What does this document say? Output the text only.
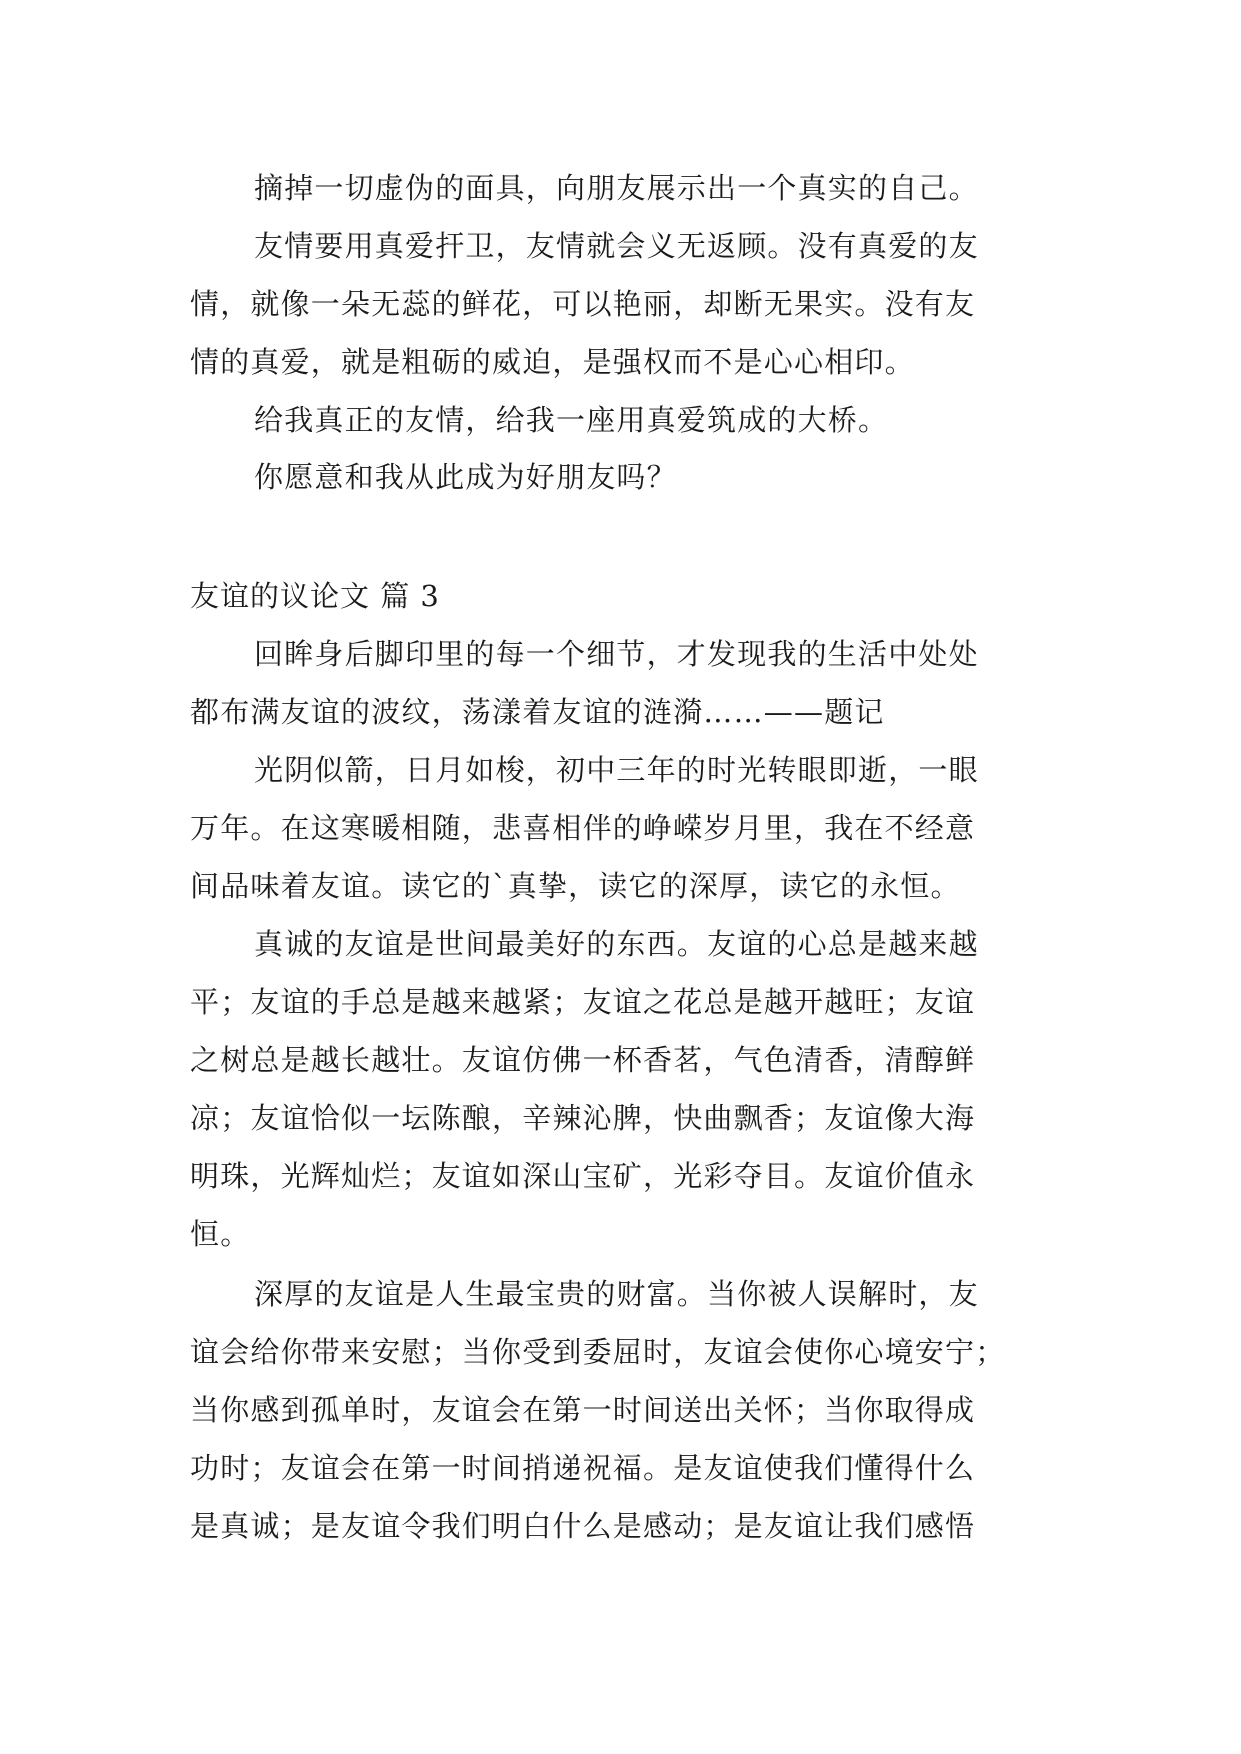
摘掉一切虚伪的面具，向朋友展示出一个真实的自己。

友情要用真爱扞卫，友情就会义无返顾。没有真爱的友

情，就像一朵无蕊的鲜花，可以艳丽，却断无果实。没有友

情的真爱，就是粗砺的威迫，是强权而不是心心相印。

给我真正的友情，给我一座用真爱筑成的大桥。

你愿意和我从此成为好朋友吗？

友谊的议论文 篇 3

回眸身后脚印里的每一个细节，才发现我的生活中处处

都布满友谊的波纹，荡漾着友谊的涟漪……——题记

光阴似箭，日月如梭，初中三年的时光转眼即逝，一眼

万年。在这寒暖相随，悲喜相伴的峥嵘岁月里，我在不经意

间品味着友谊。读它的`真挚，读它的深厚，读它的永恒。

真诚的友谊是世间最美好的东西。友谊的心总是越来越

平；友谊的手总是越来越紧；友谊之花总是越开越旺；友谊

之树总是越长越壮。友谊仿佛一杯香茗，气色清香，清醇鲜

凉；友谊恰似一坛陈酿，辛辣沁脾，快曲飘香；友谊像大海

明珠，光辉灿烂；友谊如深山宝矿，光彩夺目。友谊价值永

恒。

深厚的友谊是人生最宝贵的财富。当你被人误解时，友

谊会给你带来安慰；当你受到委屈时，友谊会使你心境安宁；

当你感到孤单时，友谊会在第一时间送出关怀；当你取得成

功时；友谊会在第一时间捎递祝福。是友谊使我们懂得什么

是真诚；是友谊令我们明白什么是感动；是友谊让我们感悟
